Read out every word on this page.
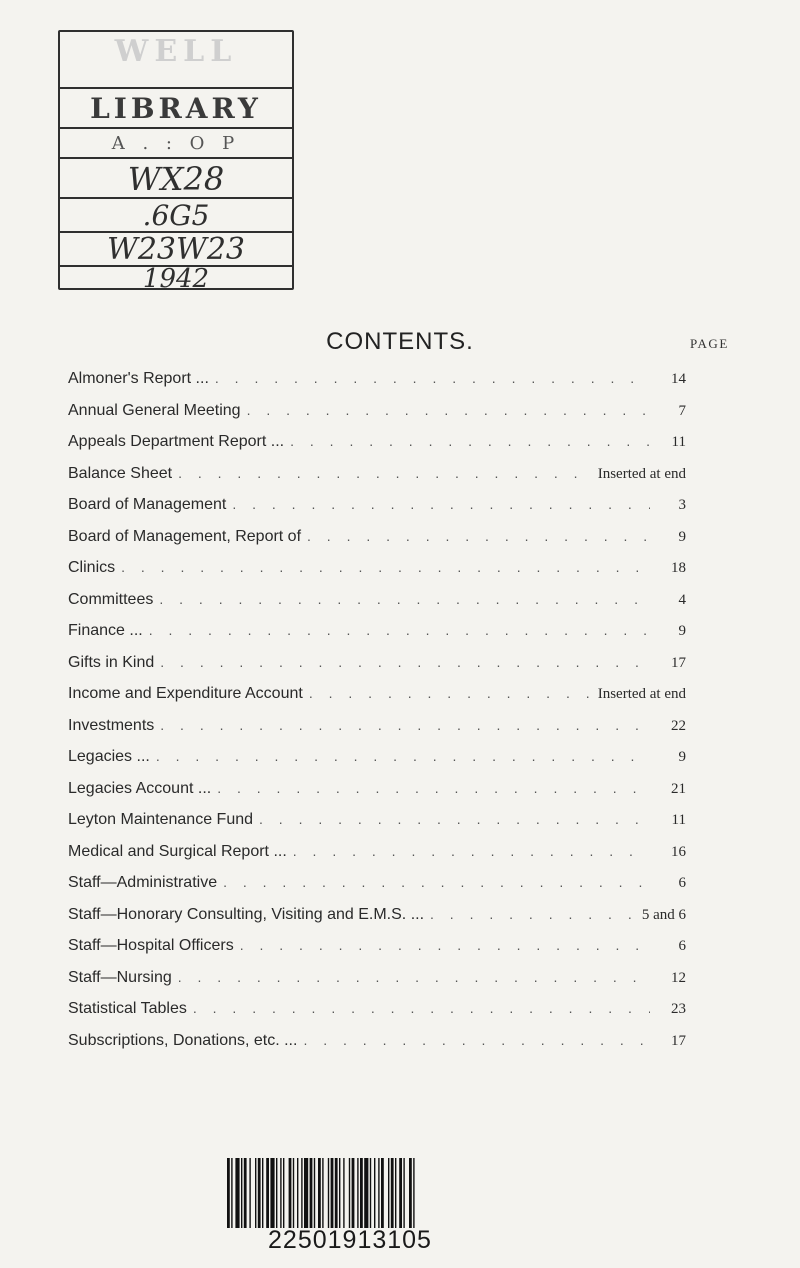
WELL
LIBRARY
A . : O P
WX28
.6G5
W23W23
1942
CONTENTS.	PAGE
Almoner's Report ... . . .	14
Annual General Meeting . . .	7
Appeals Department Report ... . . .	11
Balance Sheet . . .	Inserted at end
Board of Management . . .	3
Board of Management, Report of . . .	9
Clinics . . .	18
Committees . . .	4
Finance ... . . .	9
Gifts in Kind . . .	17
Income and Expenditure Account . . .	Inserted at end
Investments . . .	22
Legacies ... . . .	9
Legacies Account ... . . .	21
Leyton Maintenance Fund . . .	11
Medical and Surgical Report ... . . .	16
Staff—Administrative . . .	6
Staff—Honorary Consulting, Visiting and E.M.S. ... . . .	5 and 6
Staff—Hospital Officers . . .	6
Staff—Nursing . . .	12
Statistical Tables . . .	23
Subscriptions, Donations, etc. ... . . .	17
22501913105
